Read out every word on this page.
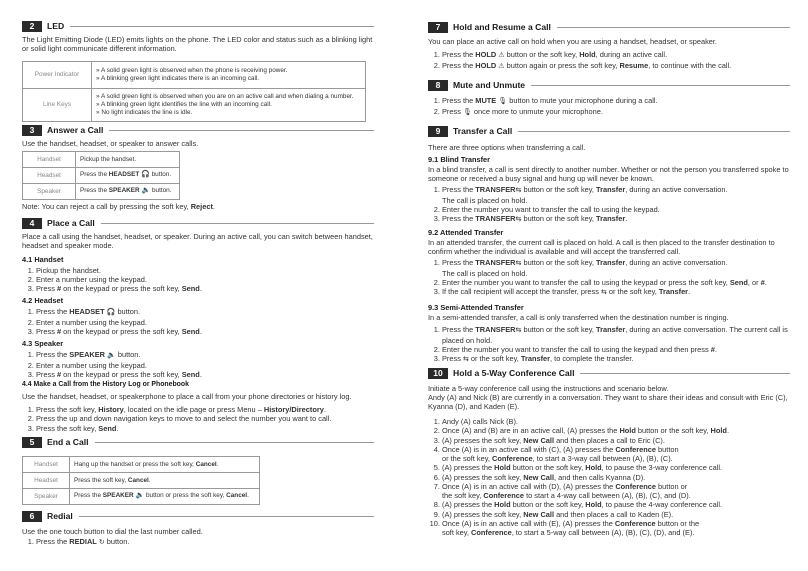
2	LED

The Light Emitting Diode (LED) emits lights on the phone. The LED color and status such as a blinking light or solid light communicate different information.

Power Indicator	» A solid green light is observed when the phone is receiving power.
» A blinking green light indicates there is an incoming call.

Line Keys	» A solid green light is observed when you are on an active call and when dialing a number.
» A blinking green light identifies the line with an incoming call.
» No light indicates the line is idle.
3	Answer a Call

Use the handset, headset, or speaker to answer calls.

Handset	Pickup the handset.
Headset	Press the HEADSET 🎧 button.
Speaker	Press the SPEAKER 🔈 button.

Note: You can reject a call by pressing the soft key, Reject.

4	Place a Call

Place a call using the handset, headset, or speaker. During an active call, you can switch between handset, headset and speaker mode.

4.1 Handset

1. Pickup the handset.
2. Enter a number using the keypad.
3. Press # on the keypad or press the soft key, Send.

4.2 Headset

1. Press the HEADSET 🎧 button.
2. Enter a number using the keypad.
3. Press # on the keypad or press the soft key, Send.

4.3 Speaker

1. Press the SPEAKER 🔈 button.
2. Enter a number using the keypad.
3. Press # on the keypad or press the soft key, Send.

4.4 Make a Call from the History Log or Phonebook

Use the handset, headset, or speakerphone to place a call from your phone directories or history log.

1. Press the soft key, History, located on the idle page or press Menu – History/Directory.
2. Press the up and down navigation keys to move to and select the number you want to call.
3. Press the soft key, Send.
5	End a Call
Handset	Hang up the handset or press the soft key, Cancel.
Headset	Press the soft key, Cancel.
Speaker	Press the SPEAKER 🔈 button or press the soft key, Cancel.
6	Redial

Use the one touch button to dial the last number called.

1. Press the REDIAL ↻ button.
7	Hold and Resume a Call

You can place an active call on hold when you are using a handset, headset, or speaker.

1. Press the HOLD ⚠ button or the soft key, Hold, during an active call.
2. Press the HOLD ⚠ button again or press the soft key, Resume, to continue with the call.
8	Mute and Unmute
1. Press the MUTE 🎙 button to mute your microphone during a call.
2. Press 🎙 once more to unmute your microphone.
9	Transfer a Call

There are three options when transferring a call.

9.1 Blind Transfer

In a blind transfer, a call is sent directly to another number. Whether or not the person you transferred spoke to someone or received a busy signal and hung up will never be known.

1. Press the TRANSFER⇆ button or the soft key, Transfer, during an active conversation.
The call is placed on hold.
2. Enter the number you want to transfer the call to using the keypad.
3. Press the TRANSFER⇆ button or the soft key, Transfer.

9.2 Attended Transfer

In an attended transfer, the current call is placed on hold. A call is then placed to the transfer destination to confirm whether the individual is available and will accept the transferred call.

1. Press the TRANSFER⇆ button or the soft key, Transfer, during an active conversation.
The call is placed on hold.
2. Enter the number you want to transfer the call to using the keypad or press the soft key, Send, or #.
3. If the call recipient will accept the transfer, press ⇆ or the soft key, Transfer.

9.3 Semi-Attended Transfer

In a semi-attended transfer, a call is only transferred when the destination number is ringing.

1. Press the TRANSFER⇆ button or the soft key, Transfer, during an active conversation. The current call is placed on hold.
2. Enter the number you want to transfer the call to using the keypad and then press #.
3. Press ⇆ or the soft key, Transfer, to complete the transfer.
10	Hold a 5-Way Conference Call

Initiate a 5-way conference call using the instructions and scenario below.

Andy (A) and Nick (B) are currently in a conversation. They want to share their ideas and consult with Eric (C), Kyanna (D), and Kaden (E).

1. Andy (A) calls Nick (B).
2. Once (A) and (B) are in an active call, (A) presses the Hold button or the soft key, Hold.
3. (A) presses the soft key, New Call and then places a call to Eric (C).
4. Once (A) is in an active call with (C), (A) presses the Conference button
or the soft key, Conference, to start a 3-way call between (A), (B), (C).
5. (A) presses the Hold button or the soft key, Hold, to pause the 3-way conference call.
6. (A) presses the soft key, New Call, and then calls Kyanna (D).
7. Once (A) is in an active call with (D), (A) presses the Conference button or
the soft key, Conference to start a 4-way call between (A), (B), (C), and (D).
8. (A) presses the Hold button or the soft key, Hold, to pause the 4-way conference call.
9. (A) presses the soft key, New Call and then places a call to Kaden (E).
10. Once (A) is in an active call with (E), (A) presses the Conference button or the
soft key, Conference, to start a 5-way call between (A), (B), (C), (D), and (E).
